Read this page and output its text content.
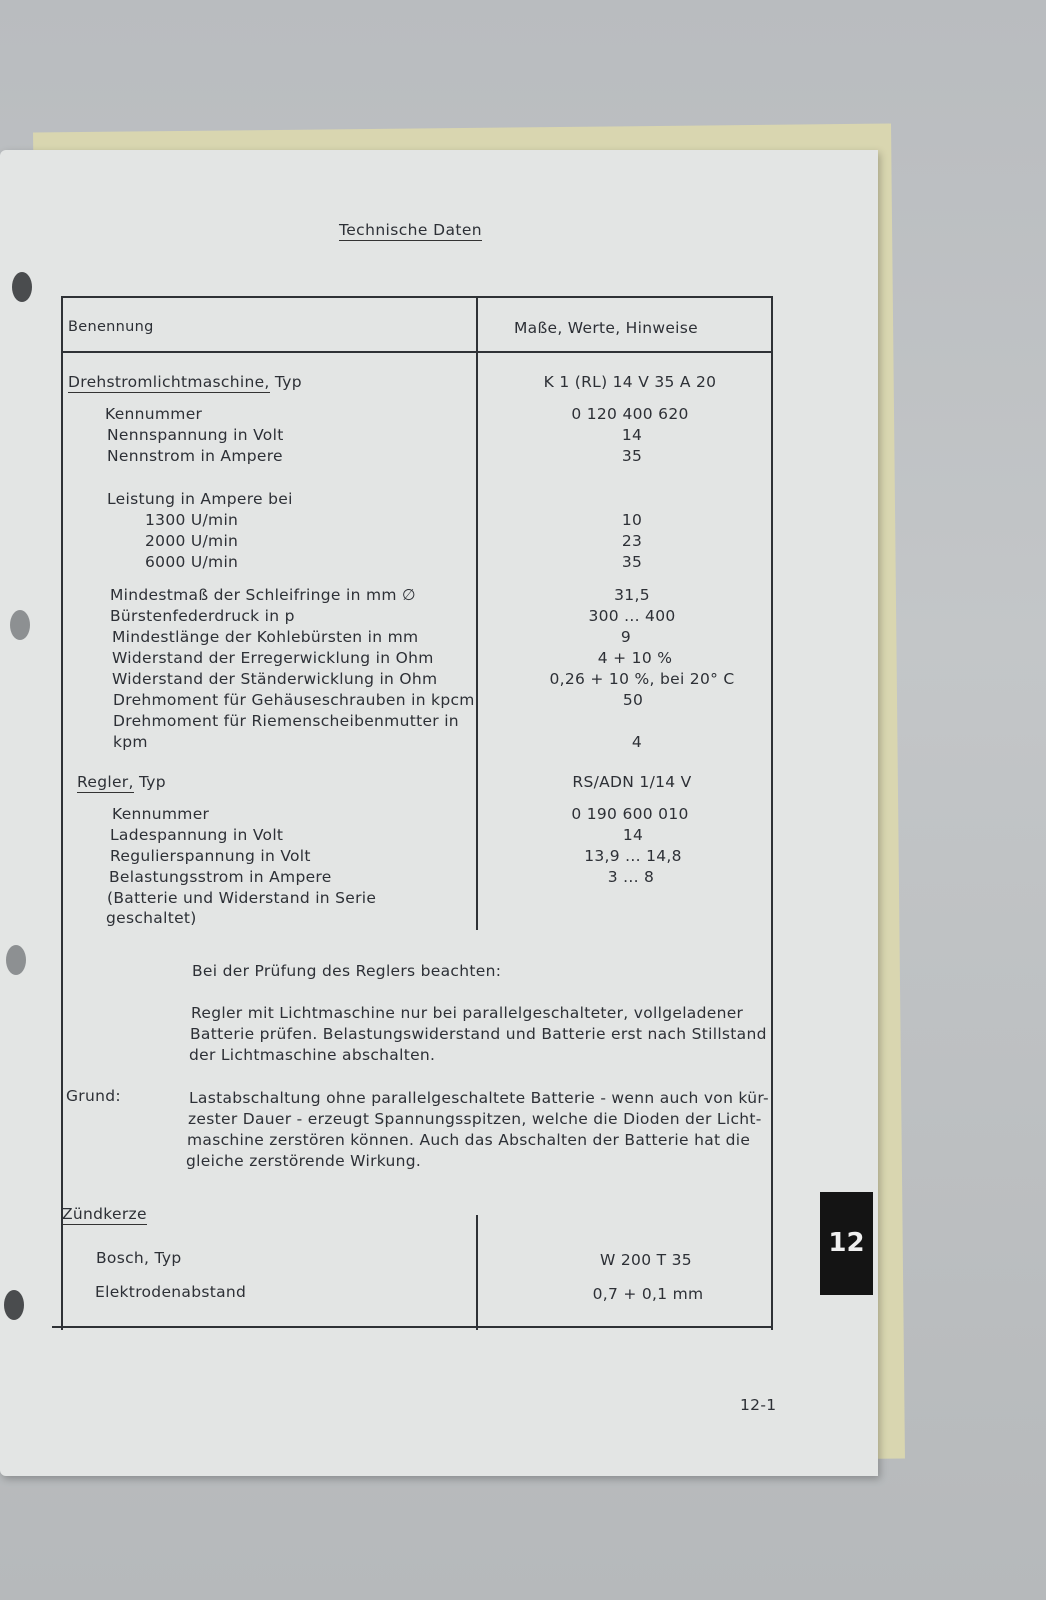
Technische Daten
Benennung	Maße, Werte, Hinweise
Drehstromlichtmaschine, Typ	K 1 (RL) 14 V 35 A 20
Kennummer	0 120 400 620
Nennspannung in Volt	14
Nennstrom in Ampere	35
Leistung in Ampere bei
1300 U/min	10
2000 U/min	23
6000 U/min	35
Mindestmaß der Schleifringe in mm ∅	31,5
Bürstenfederdruck in p	300 ... 400
Mindestlänge der Kohlebürsten in mm	9
Widerstand der Erregerwicklung in Ohm	4 + 10 %
Widerstand der Ständerwicklung in Ohm	0,26 + 10 %, bei 20° C
Drehmoment für Gehäuseschrauben in kpcm	50
Drehmoment für Riemenscheibenmutter in
kpm	4
Regler, Typ	RS/ADN 1/14 V
Kennummer	0 190 600 010
Ladespannung in Volt	14
Regulierspannung in Volt	13,9 ... 14,8
Belastungsstrom in Ampere	3 ... 8
(Batterie und Widerstand in Serie
geschaltet)
Bei der Prüfung des Reglers beachten:
Regler mit Lichtmaschine nur bei parallelgeschalteter, vollgeladener
Batterie prüfen. Belastungswiderstand und Batterie erst nach Stillstand
der Lichtmaschine abschalten.
Grund:	Lastabschaltung ohne parallelgeschaltete Batterie - wenn auch von kür-
zester Dauer - erzeugt Spannungsspitzen, welche die Dioden der Licht-
maschine zerstören können. Auch das Abschalten der Batterie hat die
gleiche zerstörende Wirkung.
Zündkerze
Bosch, Typ	W 200 T 35
Elektrodenabstand	0,7 + 0,1 mm
12
12-1
